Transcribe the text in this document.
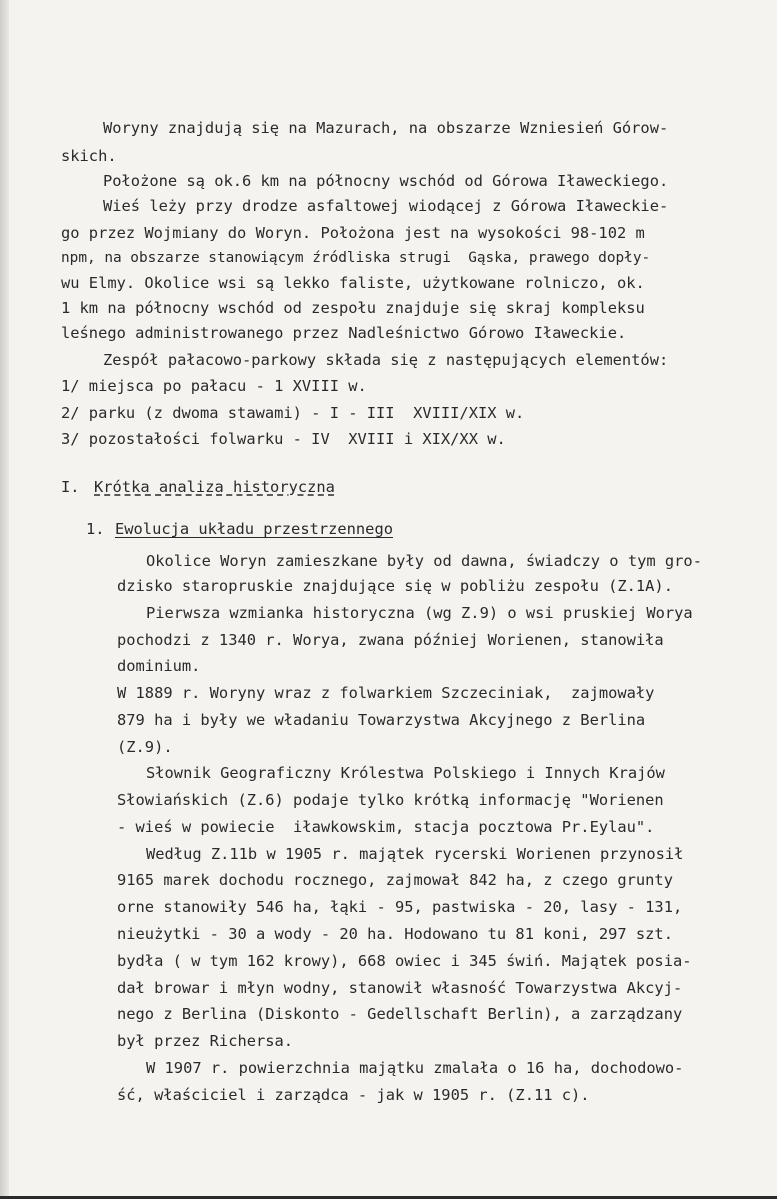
Woryny znajdują się na Mazurach, na obszarze Wzniesień Górow-
skich.
Położone są ok.6 km na północny wschód od Górowa Iławeckiego.
Wieś leży przy drodze asfaltowej wiodącej z Górowa Iławeckie-
go przez Wojmiany do Woryn. Położona jest na wysokości 98-102 m
npm, na obszarze stanowiącym źródliska strugi  Gąska, prawego dopły-
wu Elmy. Okolice wsi są lekko faliste, użytkowane rolniczo, ok.
1 km na północny wschód od zespołu znajduje się skraj kompleksu
leśnego administrowanego przez Nadleśnictwo Górowo Iławeckie.
Zespół pałacowo-parkowy składa się z następujących elementów:
1/ miejsca po pałacu - 1 XVIII w.
2/ parku (z dwoma stawami) - I - III  XVIII/XIX w.
3/ pozostałości folwarku - IV  XVIII i XIX/XX w.
I. Krótka analiza historyczna
1. Ewolucja układu przestrzennego
Okolice Woryn zamieszkane były od dawna, świadczy o tym gro-
dzisko staropruskie znajdujące się w pobliżu zespołu (Z.1A).
Pierwsza wzmianka historyczna (wg Z.9) o wsi pruskiej Worya
pochodzi z 1340 r. Worya, zwana później Worienen, stanowiła
dominium.
W 1889 r. Woryny wraz z folwarkiem Szczeciniak,  zajmowały
879 ha i były we władaniu Towarzystwa Akcyjnego z Berlina
(Z.9).
Słownik Geograficzny Królestwa Polskiego i Innych Krajów
Słowiańskich (Z.6) podaje tylko krótką informację "Worienen
- wieś w powiecie  iławkowskim, stacja pocztowa Pr.Eylau".
Według Z.11b w 1905 r. majątek rycerski Worienen przynosił
9165 marek dochodu rocznego, zajmował 842 ha, z czego grunty
orne stanowiły 546 ha, łąki - 95, pastwiska - 20, lasy - 131,
nieużytki - 30 a wody - 20 ha. Hodowano tu 81 koni, 297 szt.
bydła ( w tym 162 krowy), 668 owiec i 345 świń. Majątek posia-
dał browar i młyn wodny, stanowił własność Towarzystwa Akcyj-
nego z Berlina (Diskonto - Gedellschaft Berlin), a zarządzany
był przez Richersa.
W 1907 r. powierzchnia majątku zmalała o 16 ha, dochodowo-
ść, właściciel i zarządca - jak w 1905 r. (Z.11 c).
